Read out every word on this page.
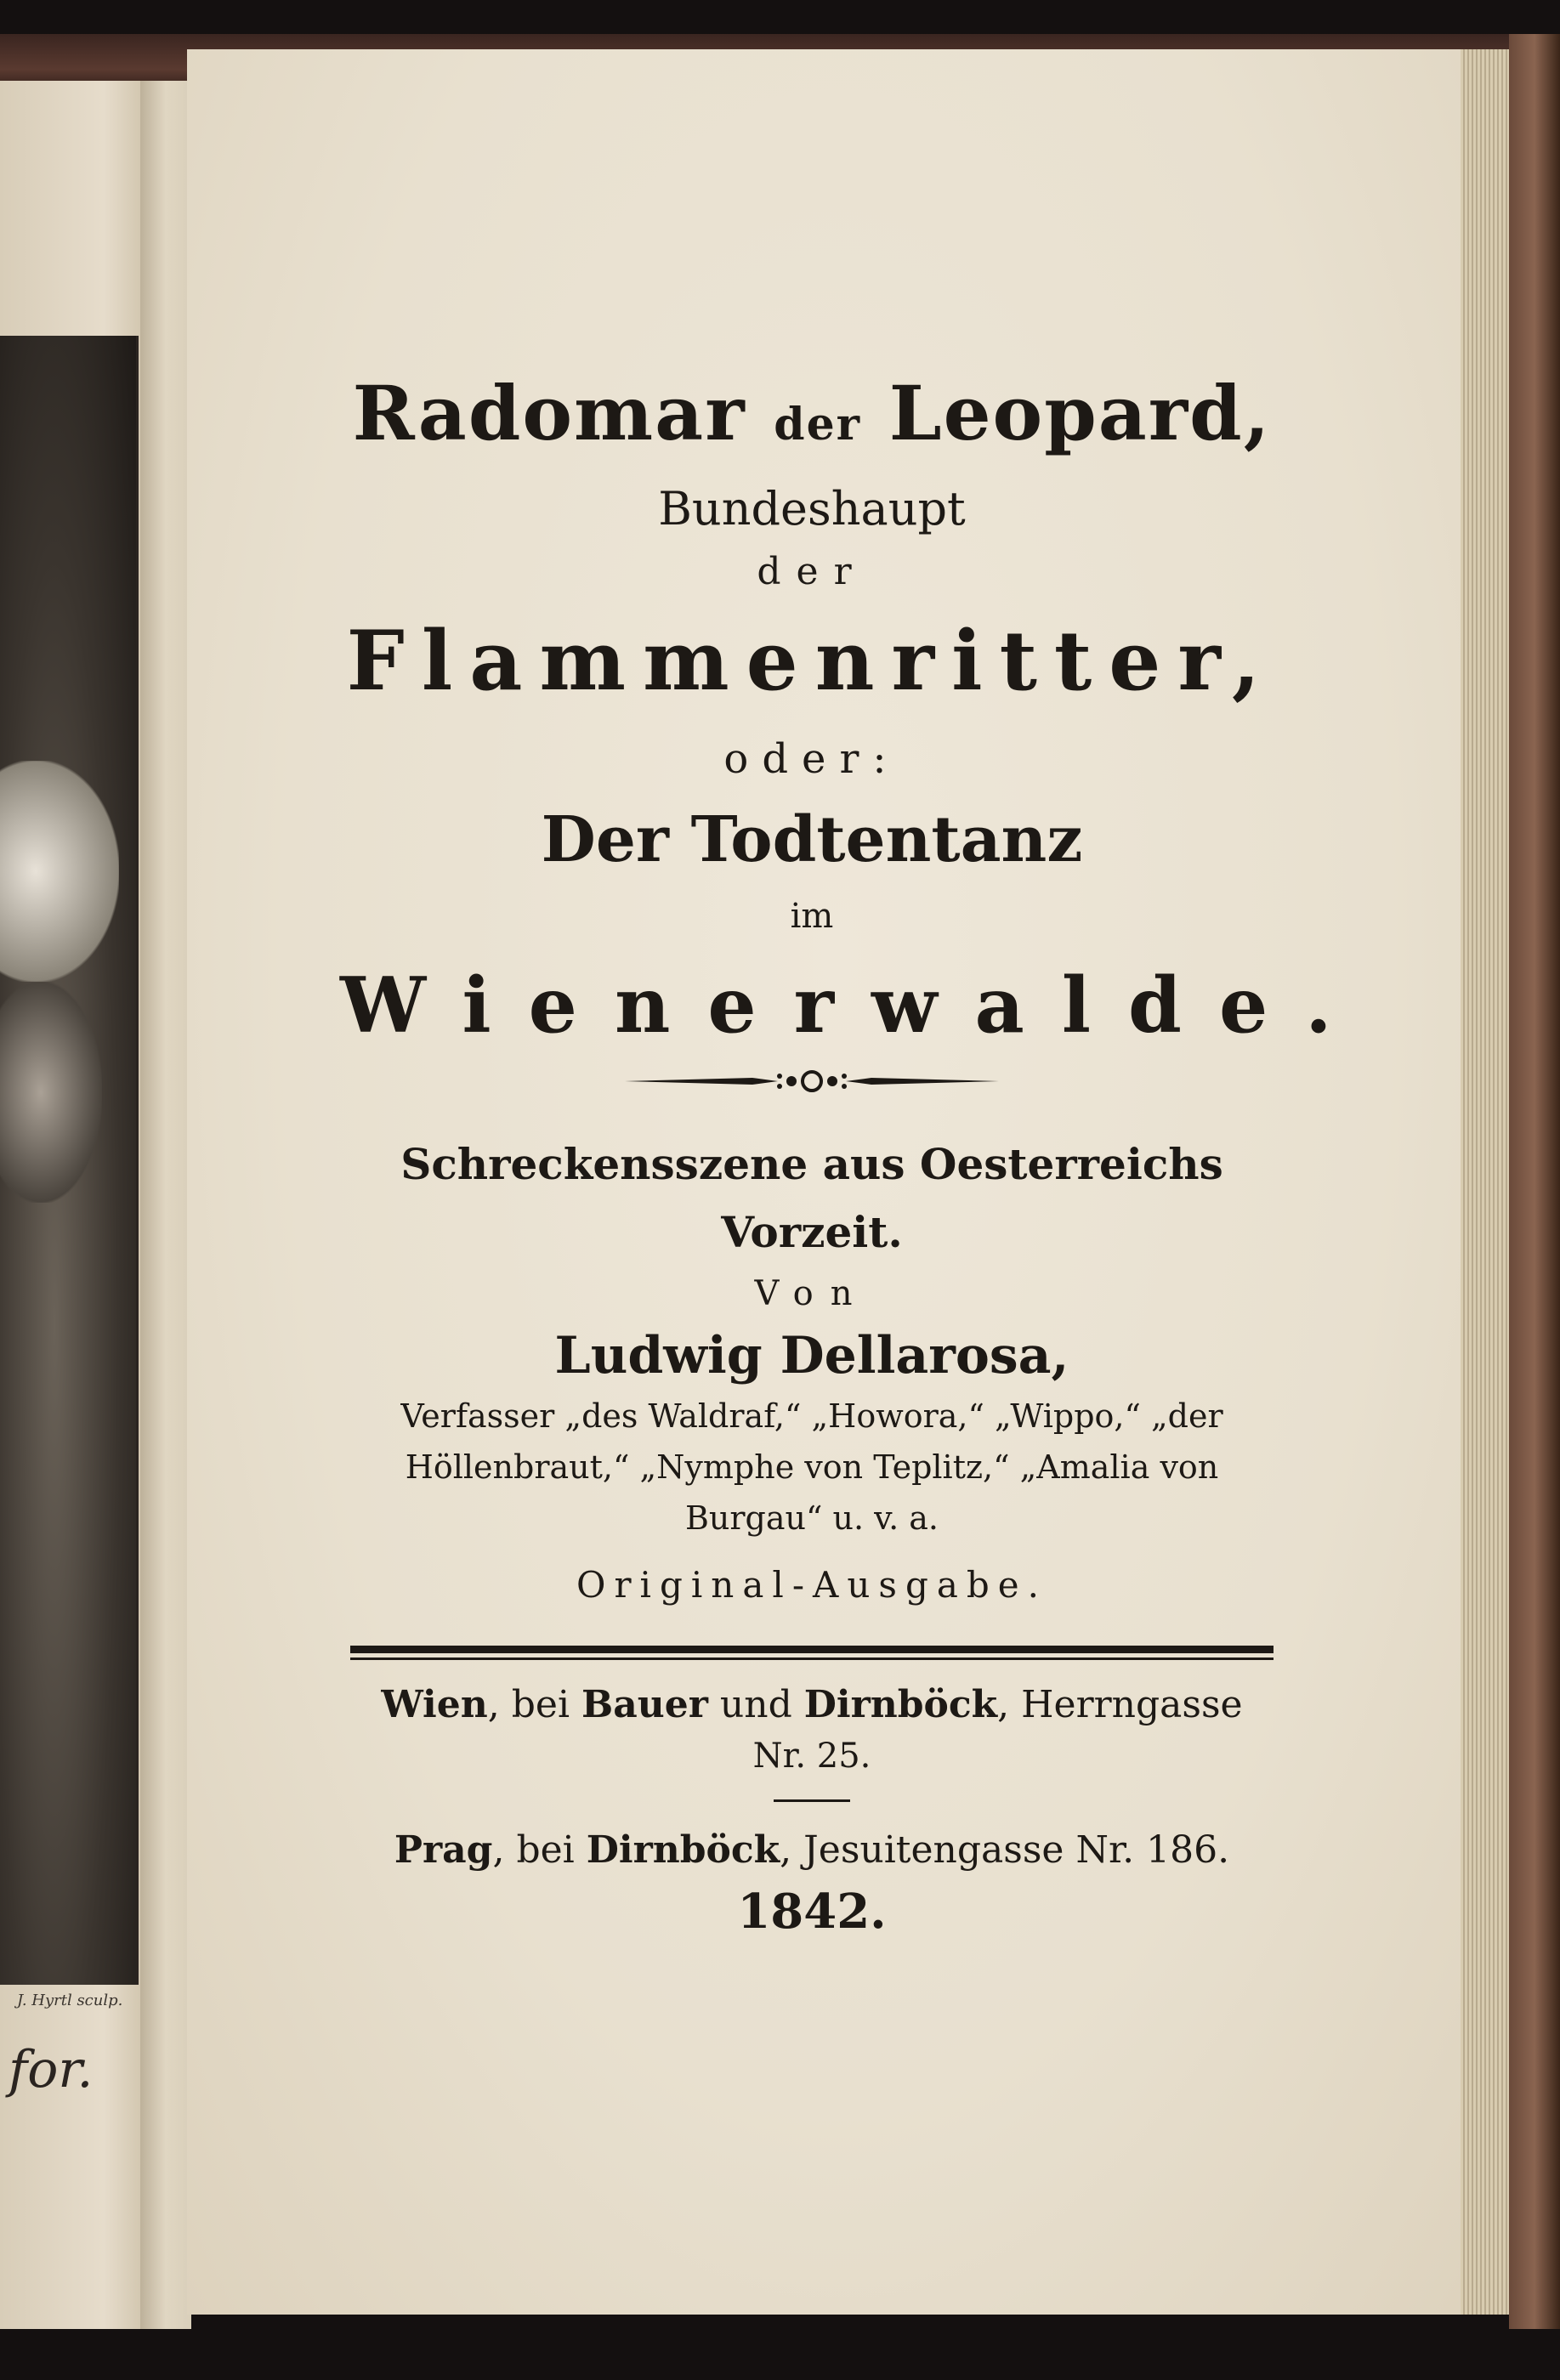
J. Hyrtl sculp.
for.
Radomar der Leopard,
Bundeshaupt
der
Flammenritter,
oder:
Der Todtentanz
im
Wienerwalde.
Schreckensszene aus Oesterreichs Vorzeit.
Von
Ludwig Dellarosa,
Verfasser „des Waldraf,“ „Howora,“ „Wippo,“ „der Höllenbraut,“ „Nymphe von Teplitz,“ „Amalia von Burgau“ u. v. a.
Original-Ausgabe.
Wien, bei Bauer und Dirnböck, Herrngasse
Nr. 25.
Prag, bei Dirnböck, Jesuitengasse Nr. 186.
1842.
